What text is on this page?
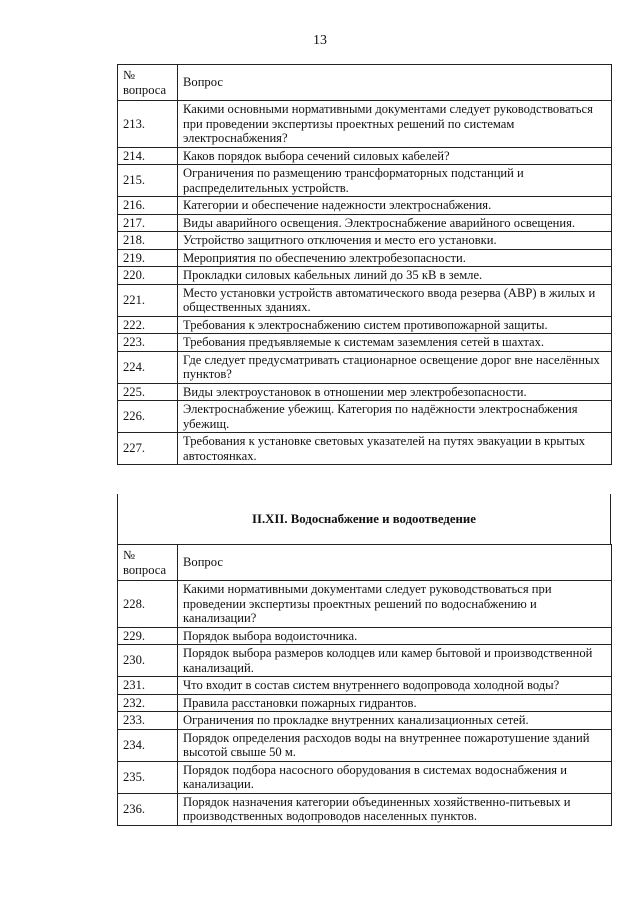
13
№
вопроса	Вопрос
213.	Какими основными нормативными документами следует руководствоваться при проведении экспертизы проектных решений по системам электроснабжения?
214.	Каков порядок выбора сечений силовых кабелей?
215.	Ограничения по размещению трансформаторных подстанций и распределительных устройств.
216.	Категории и обеспечение надежности электроснабжения.
217.	Виды аварийного освещения. Электроснабжение аварийного освещения.
218.	Устройство защитного отключения и место его установки.
219.	Мероприятия по обеспечению электробезопасности.
220.	Прокладки силовых кабельных линий до 35 кВ в земле.
221.	Место установки устройств автоматического ввода резерва (АВР) в жилых и общественных зданиях.
222.	Требования к электроснабжению систем противопожарной защиты.
223.	Требования предъявляемые к системам заземления сетей в шахтах.
224.	Где следует предусматривать стационарное освещение дорог вне населённых пунктов?
225.	Виды электроустановок в отношении мер электробезопасности.
226.	Электроснабжение убежищ. Категория по надёжности электроснабжения убежищ.
227.	Требования к установке световых указателей на путях эвакуации в крытых автостоянках.
II.XII. Водоснабжение и водоотведение
№
вопроса	Вопрос
228.	Какими нормативными документами следует руководствоваться при проведении экспертизы проектных решений по водоснабжению и канализации?
229.	Порядок выбора водоисточника.
230.	Порядок выбора размеров колодцев или камер бытовой и производственной канализаций.
231.	Что входит в состав систем внутреннего водопровода холодной воды?
232.	Правила расстановки пожарных гидрантов.
233.	Ограничения по прокладке внутренних канализационных сетей.
234.	Порядок определения расходов воды на внутреннее пожаротушение зданий высотой свыше 50 м.
235.	Порядок подбора насосного оборудования в системах водоснабжения и канализации.
236.	Порядок назначения категории объединенных хозяйственно-питьевых и производственных водопроводов населенных пунктов.
